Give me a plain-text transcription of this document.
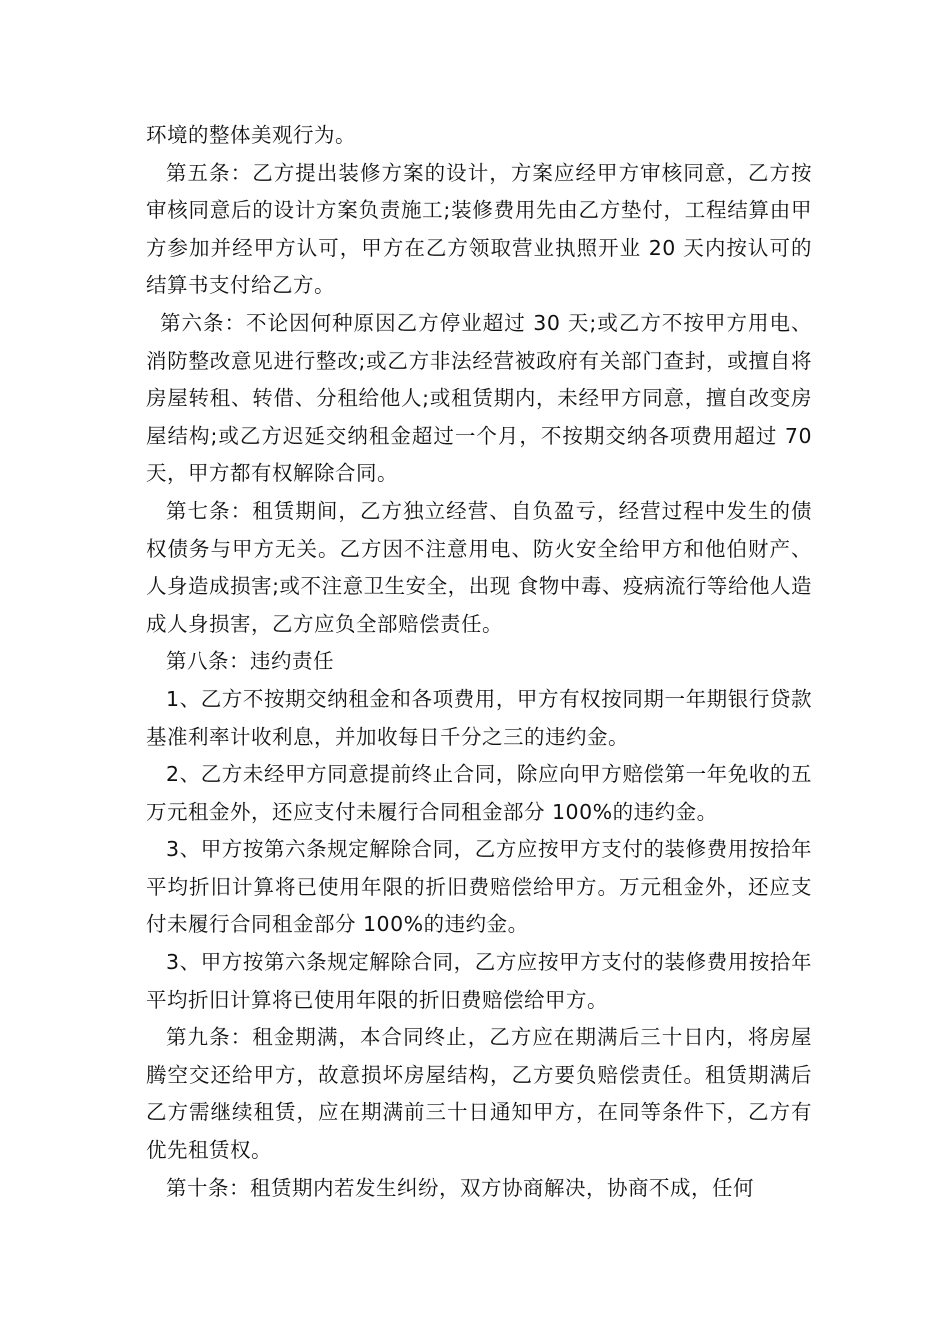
环境的整体美观行为。

第五条：乙方提出装修方案的设计，方案应经甲方审核同意，乙方按审核同意后的设计方案负责施工;装修费用先由乙方垫付，工程结算由甲方参加并经甲方认可，甲方在乙方领取营业执照开业 20 天内按认可的结算书支付给乙方。

第六条：不论因何种原因乙方停业超过 30 天;或乙方不按甲方用电、消防整改意见进行整改;或乙方非法经营被政府有关部门查封，或擅自将房屋转租、转借、分租给他人;或租赁期内，未经甲方同意，擅自改变房屋结构;或乙方迟延交纳租金超过一个月，不按期交纳各项费用超过 70 天，甲方都有权解除合同。

第七条：租赁期间，乙方独立经营、自负盈亏，经营过程中发生的债权债务与甲方无关。乙方因不注意用电、防火安全给甲方和他伯财产、人身造成损害;或不注意卫生安全，出现 食物中毒、疫病流行等给他人造成人身损害，乙方应负全部赔偿责任。

第八条：违约责任

1、乙方不按期交纳租金和各项费用，甲方有权按同期一年期银行贷款基准利率计收利息，并加收每日千分之三的违约金。

2、乙方未经甲方同意提前终止合同，除应向甲方赔偿第一年免收的五万元租金外，还应支付未履行合同租金部分 100%的违约金。

3、甲方按第六条规定解除合同，乙方应按甲方支付的装修费用按拾年平均折旧计算将已使用年限的折旧费赔偿给甲方。万元租金外，还应支付未履行合同租金部分 100%的违约金。

3、甲方按第六条规定解除合同，乙方应按甲方支付的装修费用按拾年平均折旧计算将已使用年限的折旧费赔偿给甲方。

第九条：租金期满，本合同终止，乙方应在期满后三十日内，将房屋腾空交还给甲方，故意损坏房屋结构，乙方要负赔偿责任。租赁期满后乙方需继续租赁，应在期满前三十日通知甲方，在同等条件下，乙方有优先租赁权。

第十条：租赁期内若发生纠纷，双方协商解决，协商不成，任何
